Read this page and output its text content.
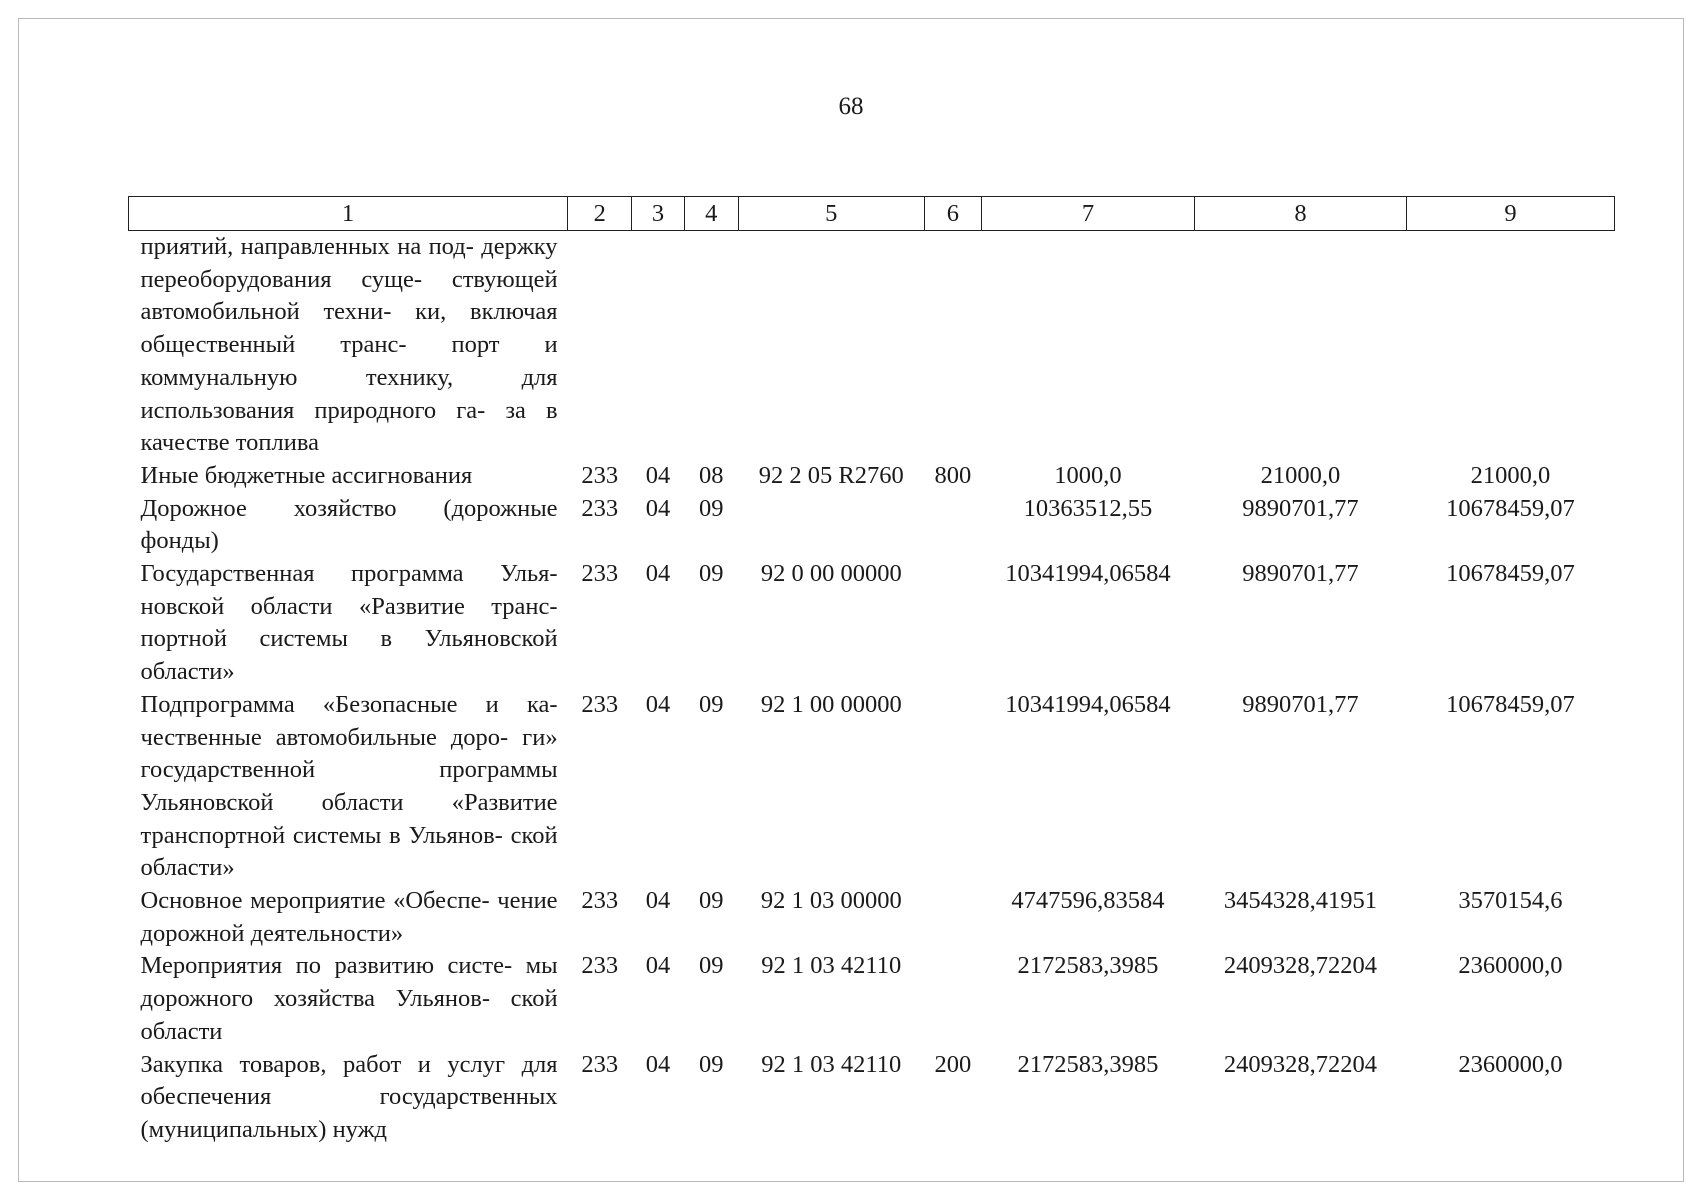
68
1	2	3	4	5	6	7	8	9
приятий, направленных на под- держку переоборудования суще- ствующей автомобильной техни- ки, включая общественный транс- порт и коммунальную технику, для использования природного га- за в качестве топлива								
Иные бюджетные ассигнования	233	04	08	92 2 05 R2760	800	1000,0	21000,0	21000,0
Дорожное хозяйство (дорожные фонды)	233	04	09			10363512,55	9890701,77	10678459,07
Государственная программа Улья- новской области «Развитие транс- портной системы в Ульяновской области»	233	04	09	92 0 00 00000		10341994,06584	9890701,77	10678459,07
Подпрограмма «Безопасные и ка- чественные автомобильные доро- ги» государственной программы Ульяновской области «Развитие транспортной системы в Ульянов- ской области»	233	04	09	92 1 00 00000		10341994,06584	9890701,77	10678459,07
Основное мероприятие «Обеспе- чение дорожной деятельности»	233	04	09	92 1 03 00000		4747596,83584	3454328,41951	3570154,6
Мероприятия по развитию систе- мы дорожного хозяйства Ульянов- ской области	233	04	09	92 1 03 42110		2172583,3985	2409328,72204	2360000,0
Закупка товаров, работ и услуг для обеспечения государственных (муниципальных) нужд	233	04	09	92 1 03 42110	200	2172583,3985	2409328,72204	2360000,0
